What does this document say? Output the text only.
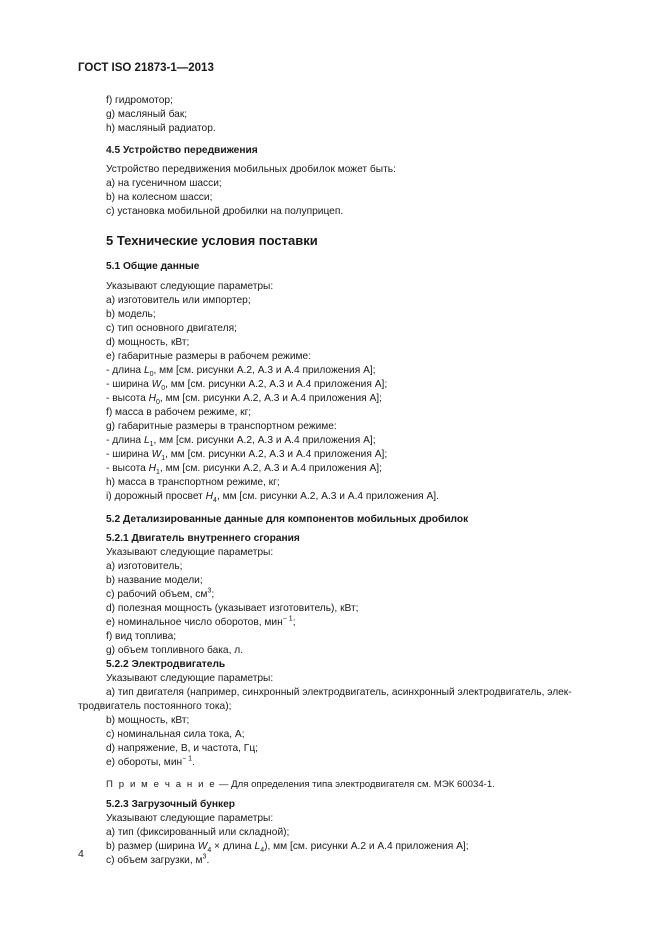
ГОСТ ISO 21873-1—2013
f) гидромотор;
g) масляный бак;
h) масляный радиатор.
4.5 Устройство передвижения
Устройство передвижения мобильных дробилок может быть:
a) на гусеничном шасси;
b) на колесном шасси;
c) установка мобильной дробилки на полуприцеп.
5 Технические условия поставки
5.1 Общие данные
Указывают следующие параметры:
a) изготовитель или импортер;
b) модель;
c) тип основного двигателя;
d) мощность, кВт;
e) габаритные размеры в рабочем режиме:
- длина $L_0$, мм [см. рисунки А.2, А.3 и А.4 приложения А];
- ширина $W_0$, мм [см. рисунки А.2, А.3 и А.4 приложения А];
- высота $H_0$, мм [см. рисунки А.2, А.3 и А.4 приложения А];
f) масса в рабочем режиме, кг;
g) габаритные размеры в транспортном режиме:
- длина $L_1$, мм [см. рисунки А.2, А.3 и А.4 приложения А];
- ширина $W_1$, мм [см. рисунки А.2, А.3 и А.4 приложения А];
- высота $H_1$, мм [см. рисунки А.2, А.3 и А.4 приложения А];
h) масса в транспортном режиме, кг;
i) дорожный просвет $H_4$, мм [см. рисунки А.2, А.3 и А.4 приложения А].
5.2 Детализированные данные для компонентов мобильных дробилок
5.2.1 Двигатель внутреннего сгорания
Указывают следующие параметры:
a) изготовитель;
b) название модели;
c) рабочий объем, $см^3$;
d) полезная мощность (указывает изготовитель), кВт;
e) номинальное число оборотов, мин$^{- 1}$;
f) вид топлива;
g) объем топливного бака, л.
5.2.2 Электродвигатель
Указывают следующие параметры:
a) тип двигателя (например, синхронный электродвигатель, асинхронный электродвигатель, элек-
тродвигатель постоянного тока);
b) мощность, кВт;
c) номинальная сила тока, А;
d) напряжение, В, и частота, Гц;
e) обороты, мин$^{- 1}$.
П р и м е ч а н и е — Для определения типа электродвигателя см. МЭК 60034-1.
5.2.3 Загрузочный бункер
Указывают следующие параметры:
a) тип (фиксированный или складной);
b) размер (ширина $W_4$ × длина $L_4$), мм [см. рисунки А.2 и А.4 приложения А];
c) объем загрузки, $м^3$.
4
